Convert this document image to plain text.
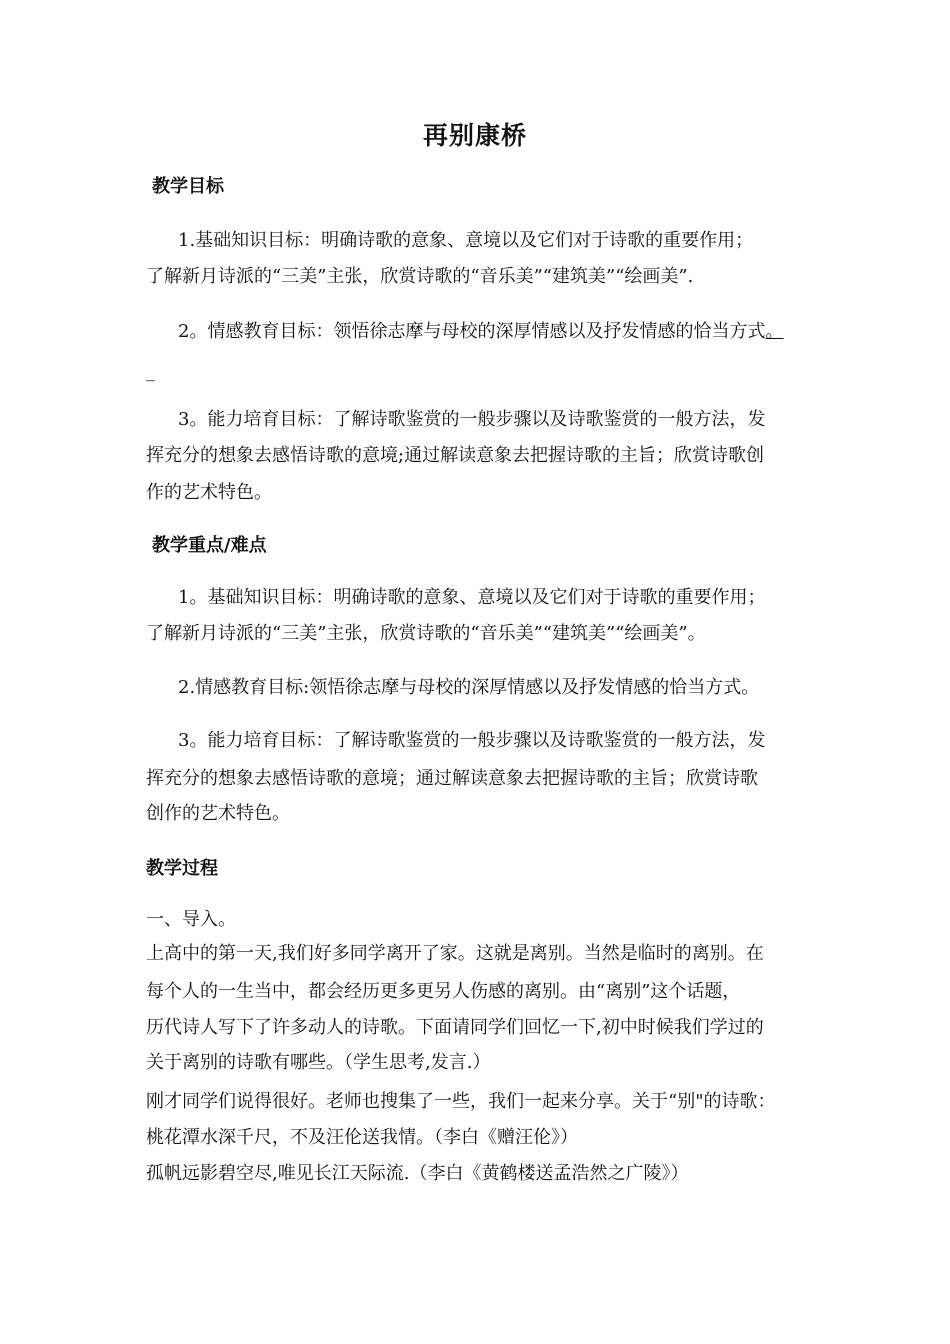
再别康桥
教学目标
1.基础知识目标：明确诗歌的意象、意境以及它们对于诗歌的重要作用；
了解新月诗派的“三美”主张，欣赏诗歌的“音乐美”“建筑美”“绘画美”.
2。情感教育目标：领悟徐志摩与母校的深厚情感以及抒发情感的恰当方式。
_
3。能力培育目标：了解诗歌鉴赏的一般步骤以及诗歌鉴赏的一般方法，发
挥充分的想象去感悟诗歌的意境;通过解读意象去把握诗歌的主旨；欣赏诗歌创
作的艺术特色。
教学重点/难点
1。基础知识目标：明确诗歌的意象、意境以及它们对于诗歌的重要作用；
了解新月诗派的“三美”主张，欣赏诗歌的“音乐美”“建筑美”“绘画美”。
2.情感教育目标:领悟徐志摩与母校的深厚情感以及抒发情感的恰当方式。
3。能力培育目标：了解诗歌鉴赏的一般步骤以及诗歌鉴赏的一般方法，发
挥充分的想象去感悟诗歌的意境；通过解读意象去把握诗歌的主旨；欣赏诗歌
创作的艺术特色。
教学过程
一、导入。
上高中的第一天,我们好多同学离开了家。这就是离别。当然是临时的离别。在
每个人的一生当中，都会经历更多更另人伤感的离别。由“离别”这个话题，
历代诗人写下了许多动人的诗歌。下面请同学们回忆一下,初中时候我们学过的
关于离别的诗歌有哪些。（学生思考,发言.）
刚才同学们说得很好。老师也搜集了一些，我们一起来分享。关于“别"的诗歌：
桃花潭水深千尺，不及汪伦送我情。（李白《赠汪伦》）
孤帆远影碧空尽,唯见长江天际流.（李白《黄鹤楼送孟浩然之广陵》）
